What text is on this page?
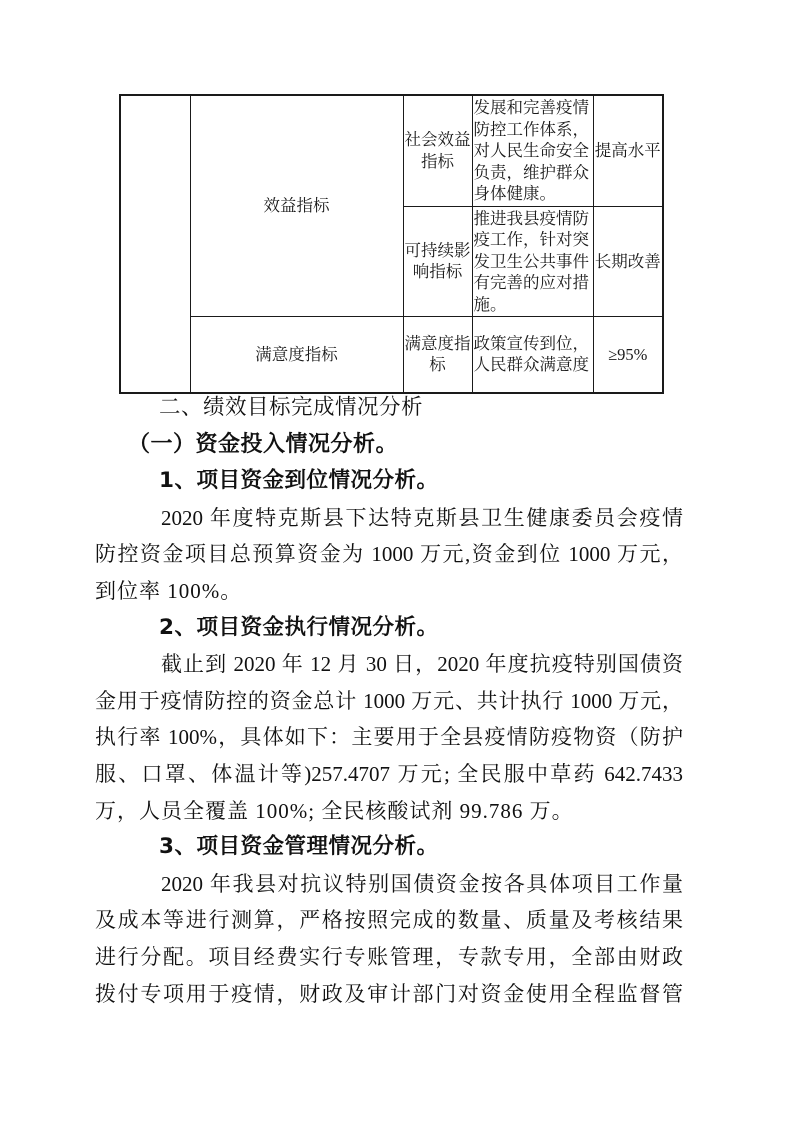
	效益指标	社会效益指标	发展和完善疫情防控工作体系，对人民生命安全负责，维护群众身体健康。	提高水平
		可持续影响指标	推进我县疫情防疫工作，针对突发卫生公共事件有完善的应对措施。	长期改善
	满意度指标	满意度指标	政策宣传到位，人民群众满意度	≥95%
二、绩效目标完成情况分析
（一）资金投入情况分析。
1、项目资金到位情况分析。
2020 年度特克斯县下达特克斯县卫生健康委员会疫情
防控资金项目总预算资金为 1000 万元,资金到位 1000 万元，
到位率 100%。
2、项目资金执行情况分析。
截止到 2020 年 12 月 30 日，2020 年度抗疫特别国债资
金用于疫情防控的资金总计 1000 万元、共计执行 1000 万元，
执行率 100%，具体如下：主要用于全县疫情防疫物资（防护
服、口罩、体温计等)257.4707 万元; 全民服中草药 642.7433
万，人员全覆盖 100%; 全民核酸试剂 99.786 万。
3、项目资金管理情况分析。
2020 年我县对抗议特别国债资金按各具体项目工作量
及成本等进行测算，严格按照完成的数量、质量及考核结果
进行分配。项目经费实行专账管理，专款专用，全部由财政
拨付专项用于疫情，财政及审计部门对资金使用全程监督管
